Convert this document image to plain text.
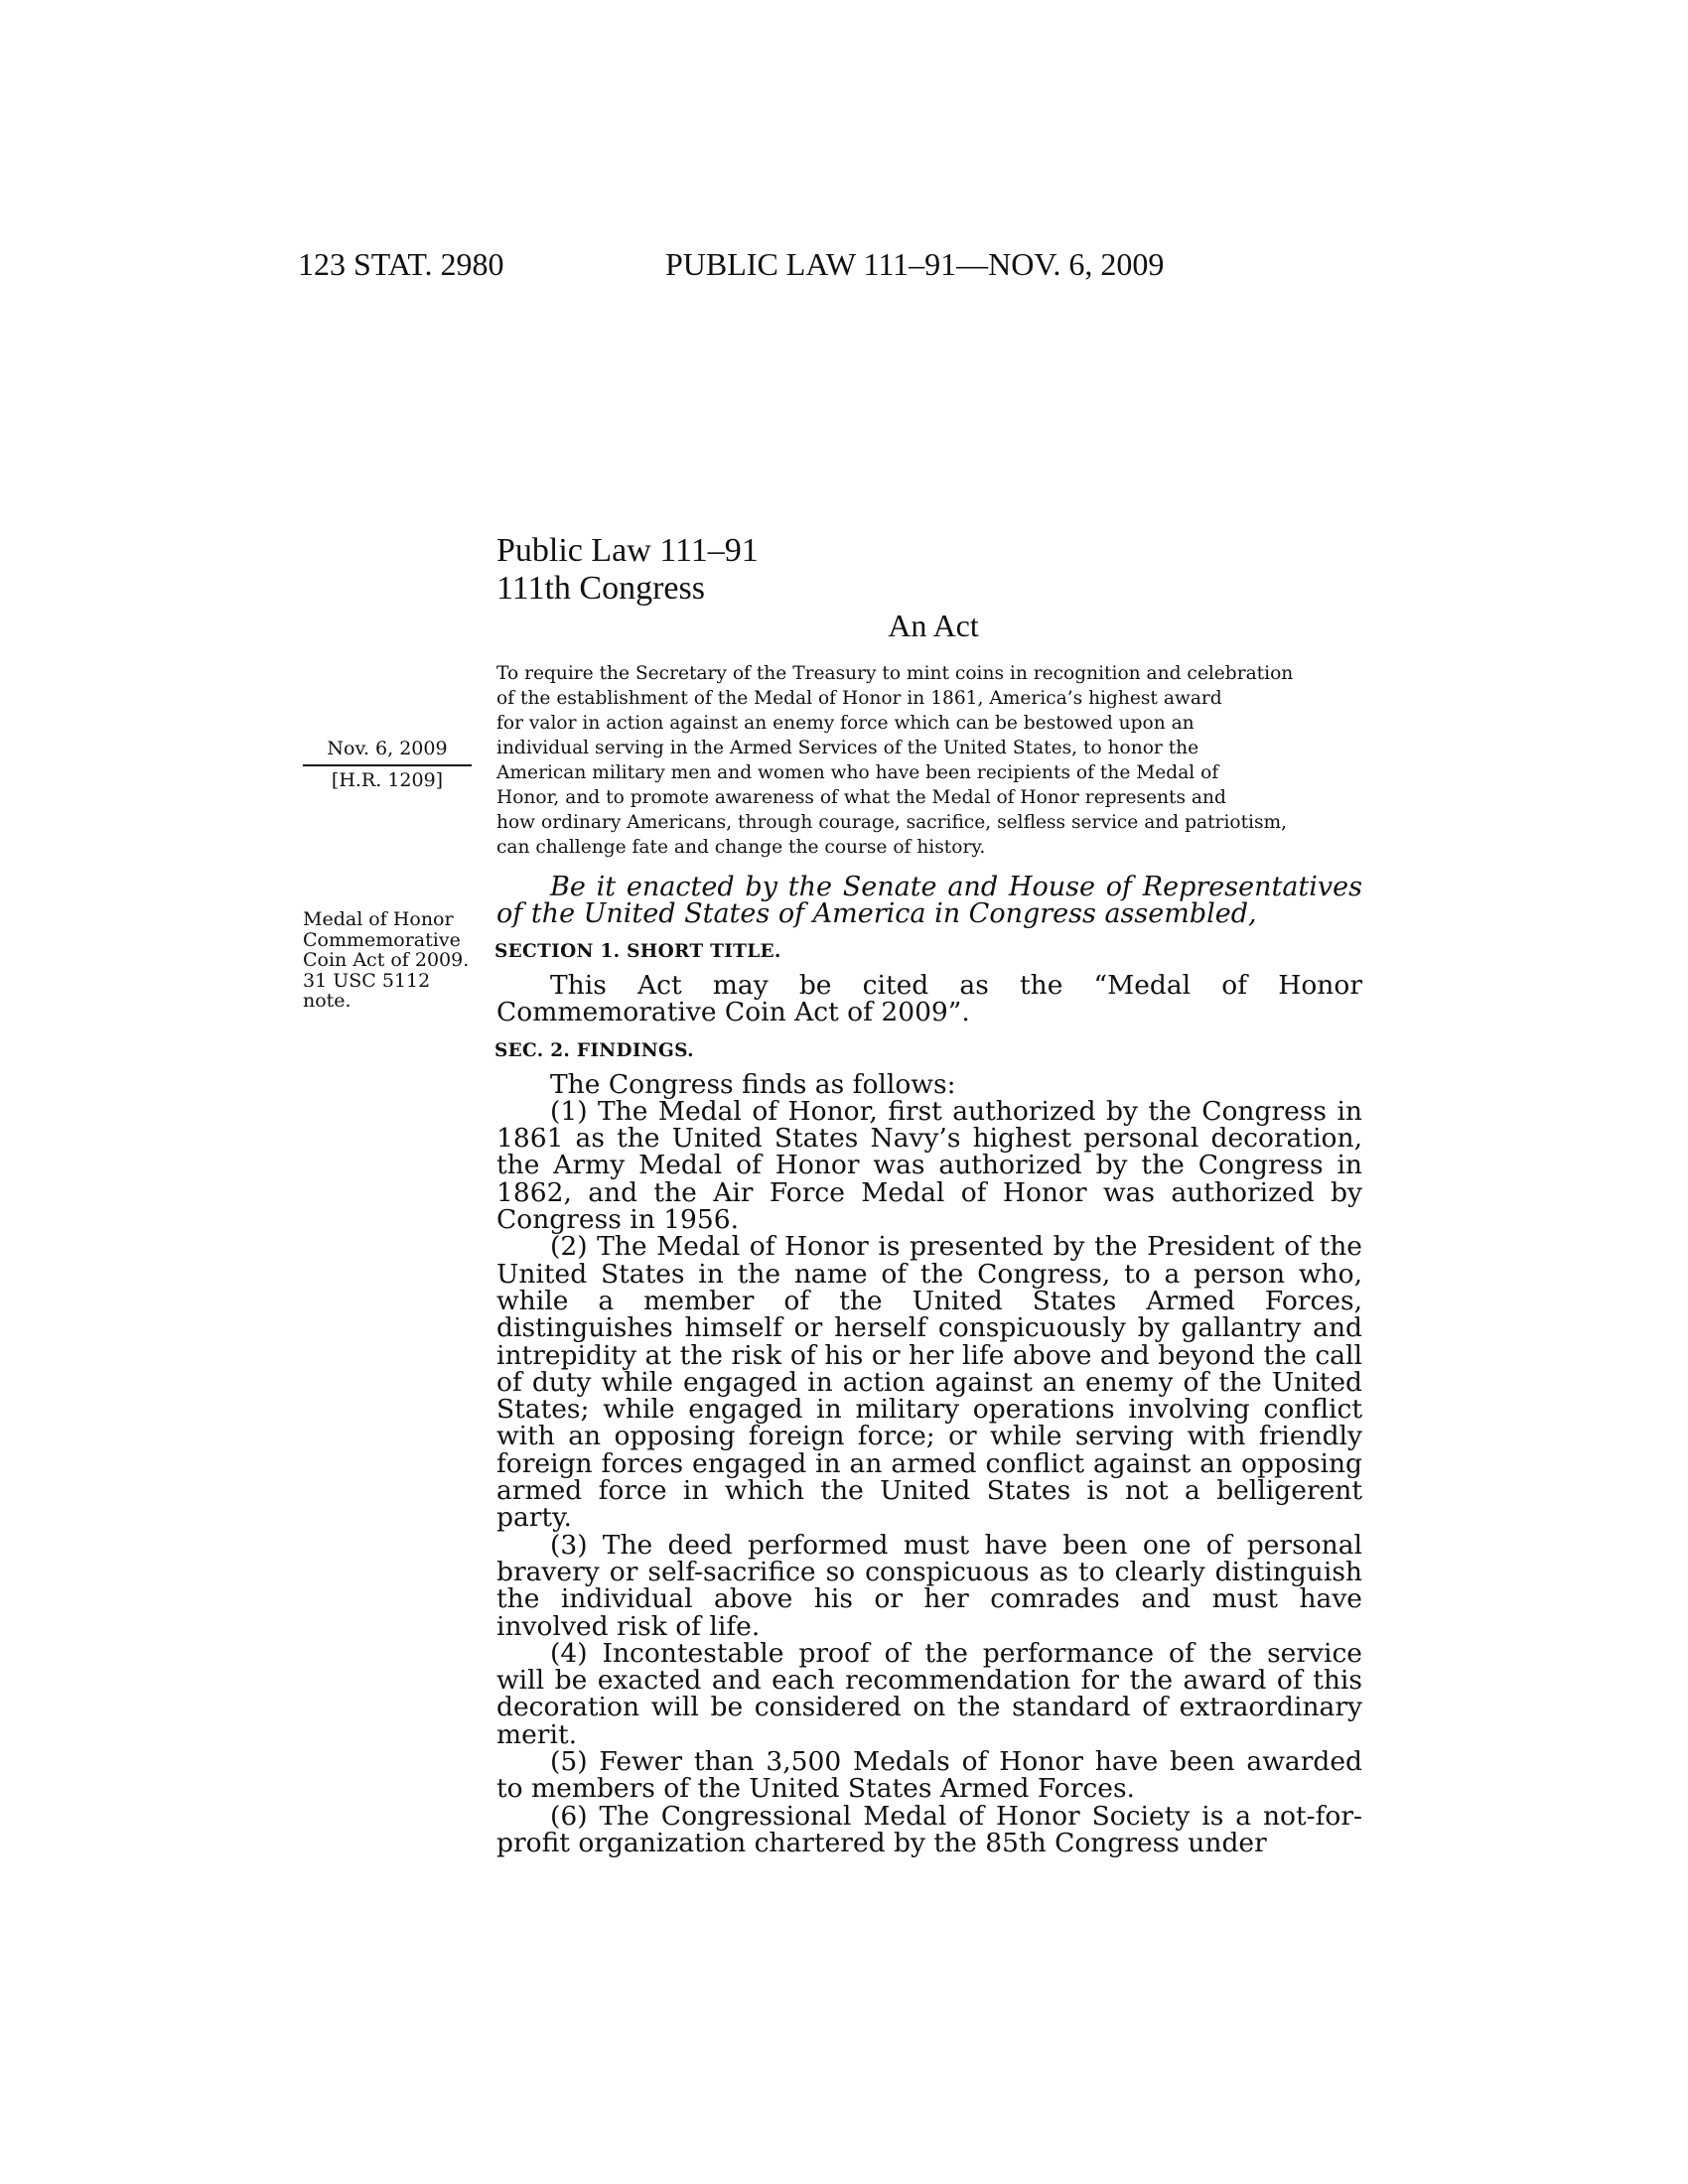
123 STAT. 2980	PUBLIC LAW 111–91—NOV. 6, 2009
Public Law 111–91
111th Congress
An Act
To require the Secretary of the Treasury to mint coins in recognition and celebration
of the establishment of the Medal of Honor in 1861, America’s highest award
for valor in action against an enemy force which can be bestowed upon an
individual serving in the Armed Services of the United States, to honor the
American military men and women who have been recipients of the Medal of
Honor, and to promote awareness of what the Medal of Honor represents and
how ordinary Americans, through courage, sacrifice, selfless service and patriotism,
can challenge fate and change the course of history.
Nov. 6, 2009
[H.R. 1209]
Medal of Honor
Commemorative
Coin Act of 2009.
31 USC 5112
note.

Be it enacted by the Senate and House of Representatives of the United States of America in Congress assembled,

SECTION 1. SHORT TITLE.

This Act may be cited as the “Medal of Honor Commemorative Coin Act of 2009”.

SEC. 2. FINDINGS.

The Congress finds as follows:

(1) The Medal of Honor, first authorized by the Congress in 1861 as the United States Navy’s highest personal decoration, the Army Medal of Honor was authorized by the Congress in 1862, and the Air Force Medal of Honor was authorized by Congress in 1956.

(2) The Medal of Honor is presented by the President of the United States in the name of the Congress, to a person who, while a member of the United States Armed Forces, distinguishes himself or herself conspicuously by gallantry and intrepidity at the risk of his or her life above and beyond the call of duty while engaged in action against an enemy of the United States; while engaged in military operations involving conflict with an opposing foreign force; or while serving with friendly foreign forces engaged in an armed conflict against an opposing armed force in which the United States is not a belligerent party.

(3) The deed performed must have been one of personal bravery or self-sacrifice so conspicuous as to clearly distinguish the individual above his or her comrades and must have involved risk of life.

(4) Incontestable proof of the performance of the service will be exacted and each recommendation for the award of this decoration will be considered on the standard of extraordinary merit.

(5) Fewer than 3,500 Medals of Honor have been awarded to members of the United States Armed Forces.

(6) The Congressional Medal of Honor Society is a not-for-profit organization chartered by the 85th Congress under
